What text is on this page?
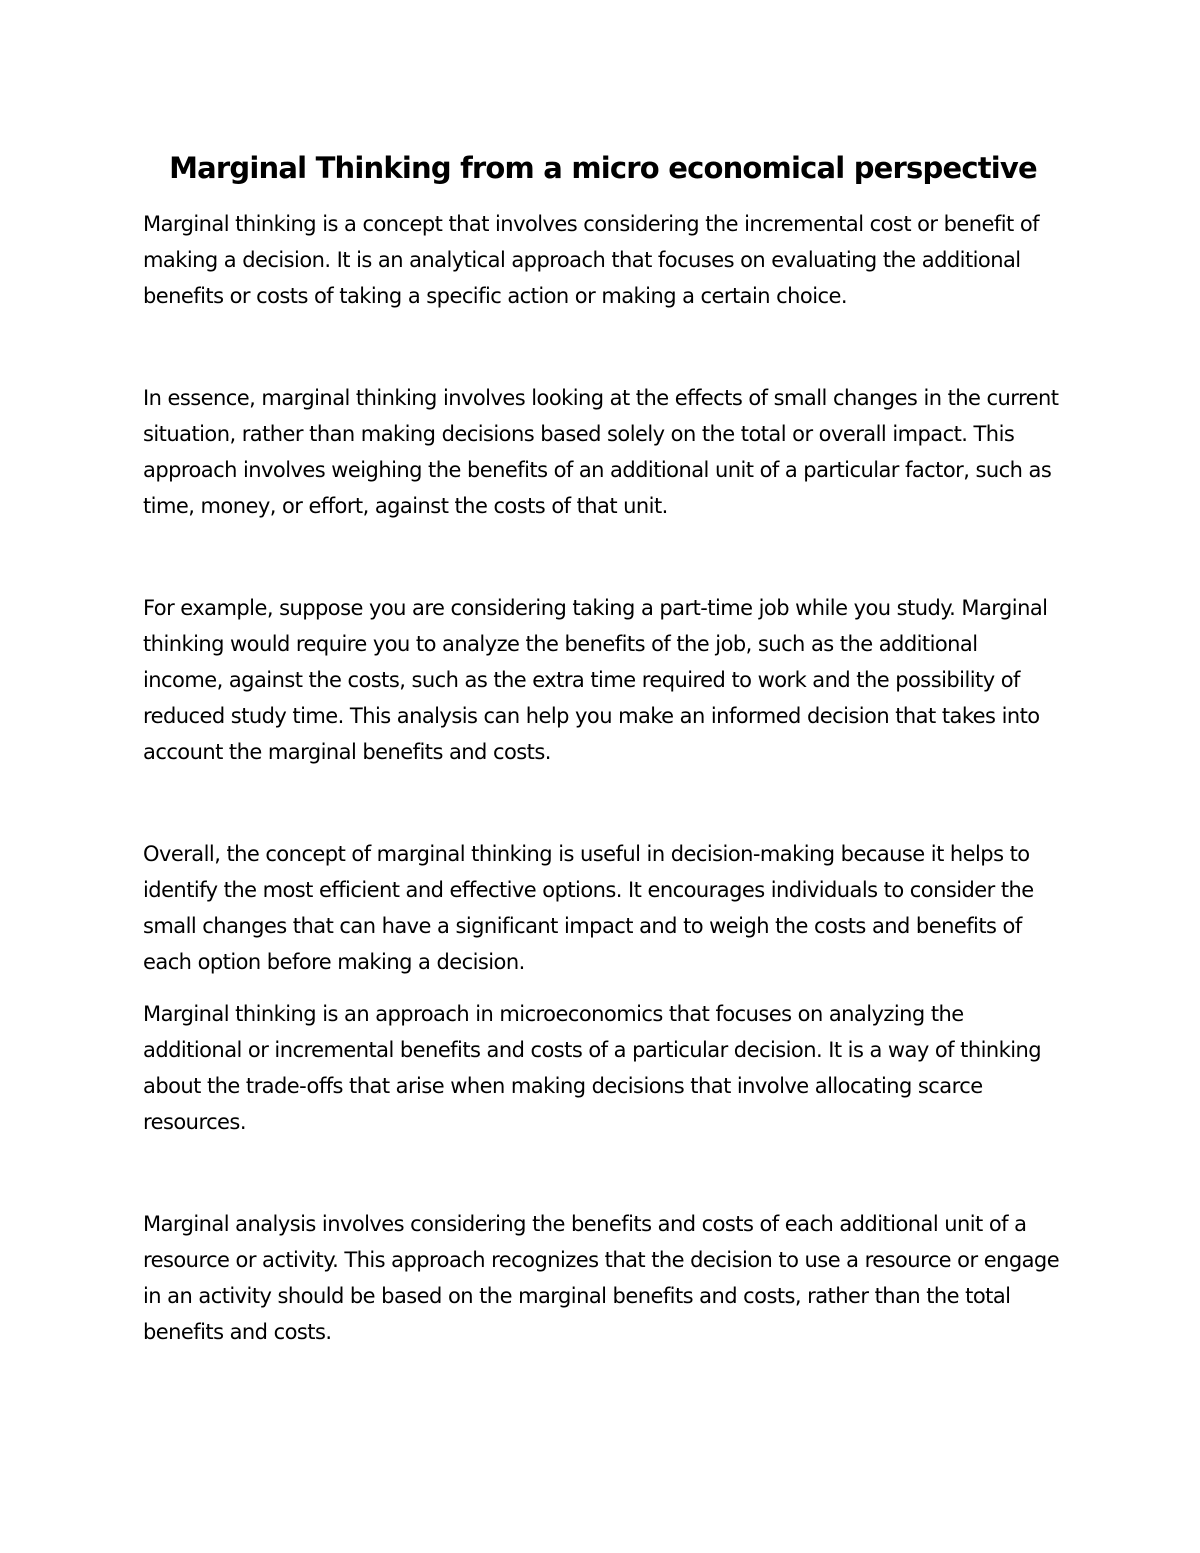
Marginal Thinking from a micro economical perspective

Marginal thinking is a concept that involves considering the incremental cost or benefit of making a decision. It is an analytical approach that focuses on evaluating the additional benefits or costs of taking a specific action or making a certain choice.

In essence, marginal thinking involves looking at the effects of small changes in the current situation, rather than making decisions based solely on the total or overall impact. This approach involves weighing the benefits of an additional unit of a particular factor, such as time, money, or effort, against the costs of that unit.

For example, suppose you are considering taking a part-time job while you study. Marginal thinking would require you to analyze the benefits of the job, such as the additional income, against the costs, such as the extra time required to work and the possibility of reduced study time. This analysis can help you make an informed decision that takes into account the marginal benefits and costs.

Overall, the concept of marginal thinking is useful in decision-making because it helps to identify the most efficient and effective options. It encourages individuals to consider the small changes that can have a significant impact and to weigh the costs and benefits of each option before making a decision.

Marginal thinking is an approach in microeconomics that focuses on analyzing the additional or incremental benefits and costs of a particular decision. It is a way of thinking about the trade-offs that arise when making decisions that involve allocating scarce resources.

Marginal analysis involves considering the benefits and costs of each additional unit of a resource or activity. This approach recognizes that the decision to use a resource or engage in an activity should be based on the marginal benefits and costs, rather than the total benefits and costs.
